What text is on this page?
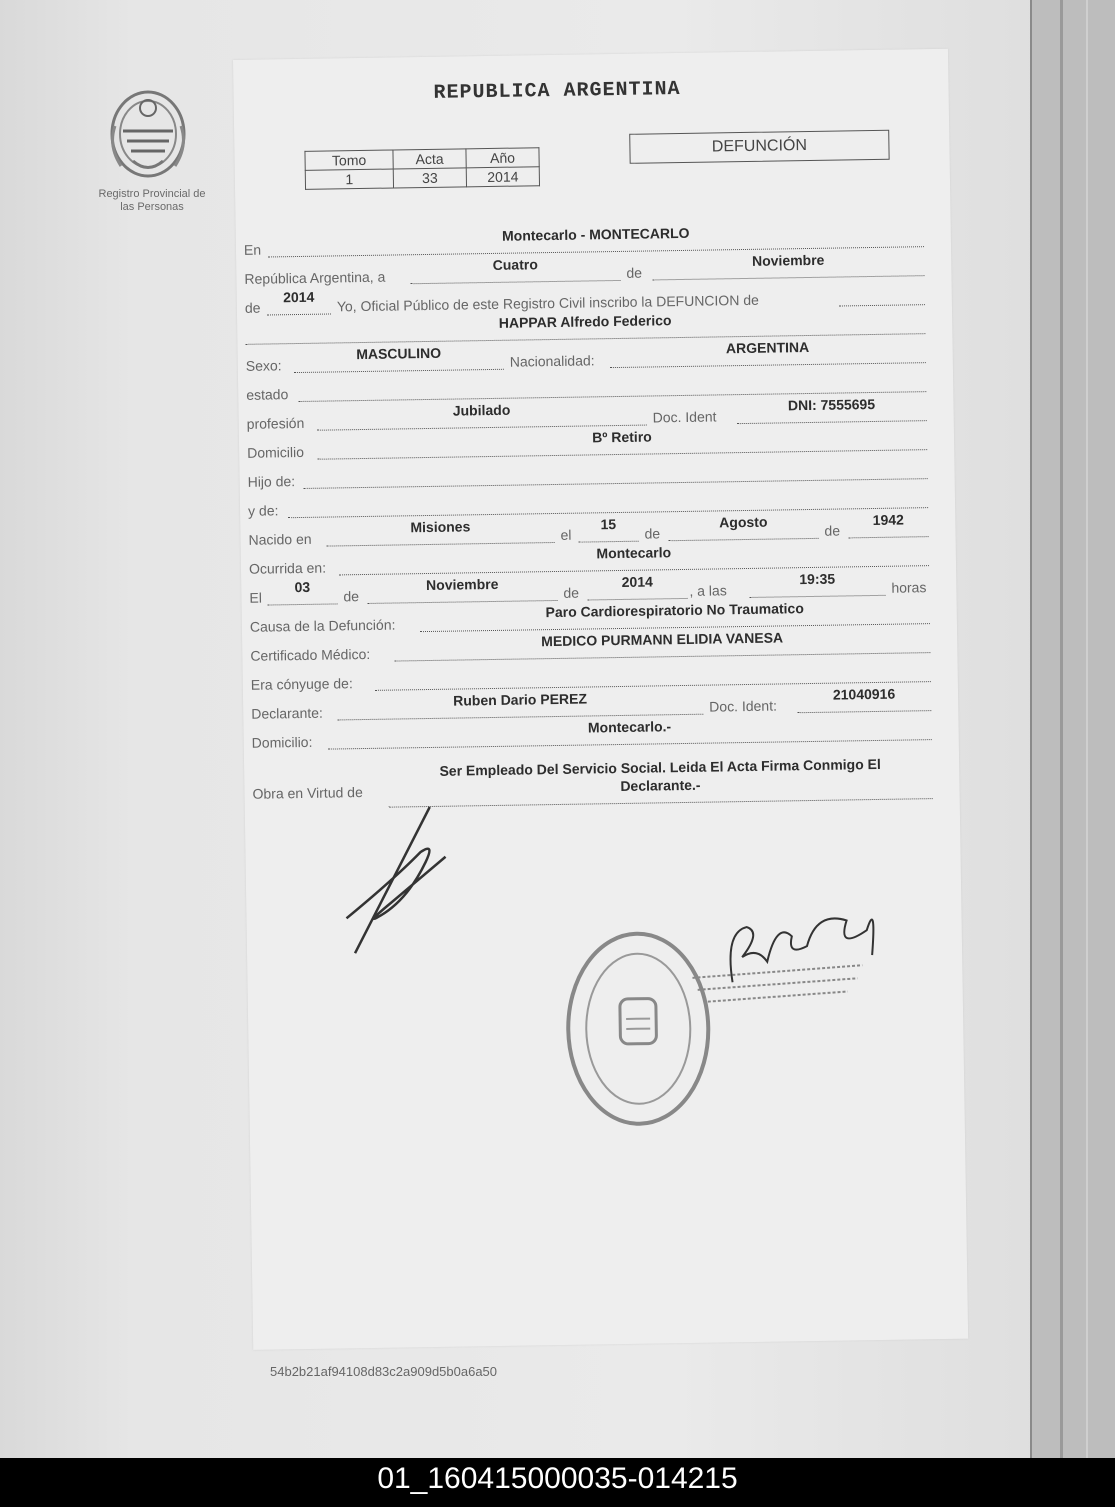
Registro Provincial de
las Personas
REPUBLICA ARGENTINA
Tomo	Acta	Año
1	33	2014
DEFUNCIÓN
En
Montecarlo - MONTECARLO
República Argentina, a
Cuatro	de
Noviembre
de
2014	Yo, Oficial Público de este Registro Civil inscribo la DEFUNCION de
HAPPAR Alfredo Federico
Sexo:
MASCULINO	Nacionalidad:
ARGENTINA
estado
profesión
Jubilado	Doc. Ident
DNI: 7555695
Domicilio
Bº Retiro
Hijo de:
y de:
Nacido en
Misiones	el
15
de
Agosto
de
1942
Ocurrida en:
Montecarlo
El
03
de
Noviembre	de
2014
, a las
19:35
horas
Causa de la Defunción:
Paro Cardiorespiratorio No Traumatico
Certificado Médico:
MEDICO PURMANN ELIDIA VANESA
Era cónyuge de:
Declarante:
Ruben Dario PEREZ	Doc. Ident:
21040916
Domicilio:
Montecarlo.-
Obra en Virtud de
Ser Empleado Del Servicio Social. Leida El Acta Firma Conmigo El
Declarante.-
54b2b21af94108d83c2a909d5b0a6a50
01_160415000035-014215
